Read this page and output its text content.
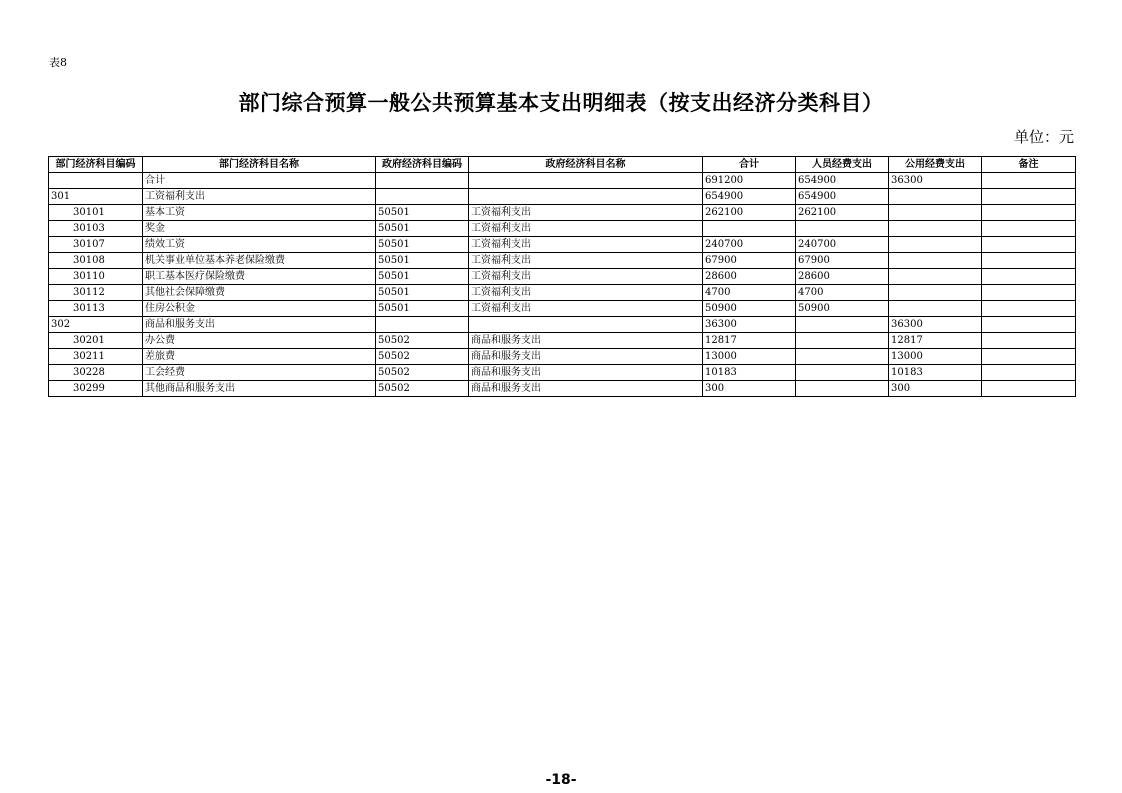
表8
部门综合预算一般公共预算基本支出明细表（按支出经济分类科目）
单位：元
部门经济科目编码	部门经济科目名称	政府经济科目编码	政府经济科目名称	合计	人员经费支出	公用经费支出	备注
	合计			691200	654900	36300	
301	工资福利支出			654900	654900		
30101	基本工资	50501	工资福利支出	262100	262100		
30103	奖金	50501	工资福利支出				
30107	绩效工资	50501	工资福利支出	240700	240700		
30108	机关事业单位基本养老保险缴费	50501	工资福利支出	67900	67900		
30110	职工基本医疗保险缴费	50501	工资福利支出	28600	28600		
30112	其他社会保障缴费	50501	工资福利支出	4700	4700		
30113	住房公积金	50501	工资福利支出	50900	50900		
302	商品和服务支出			36300		36300	
30201	办公费	50502	商品和服务支出	12817		12817	
30211	差旅费	50502	商品和服务支出	13000		13000	
30228	工会经费	50502	商品和服务支出	10183		10183	
30299	其他商品和服务支出	50502	商品和服务支出	300		300	
-18-
